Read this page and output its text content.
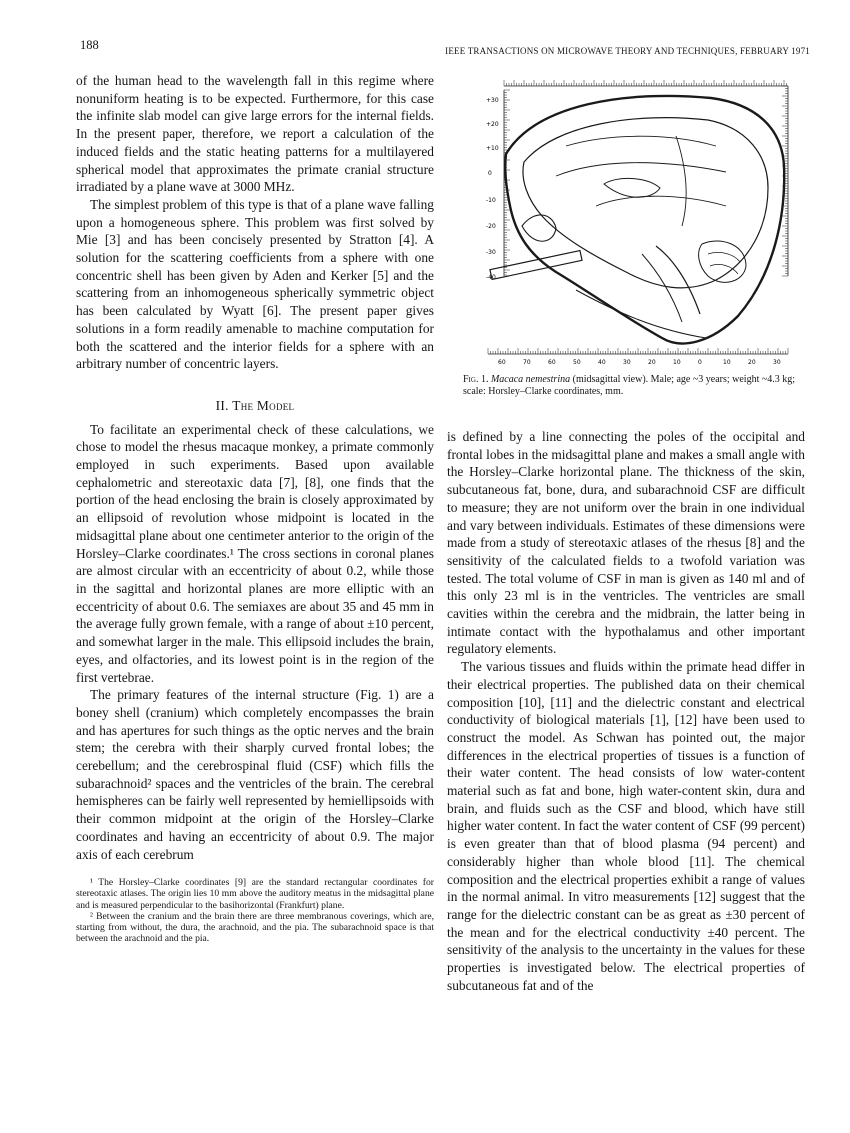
188	IEEE TRANSACTIONS ON MICROWAVE THEORY AND TECHNIQUES, FEBRUARY 1971

of the human head to the wavelength fall in this regime where nonuniform heating is to be expected. Furthermore, for this case the infinite slab model can give large errors for the internal fields. In the present paper, therefore, we report a calculation of the induced fields and the static heating patterns for a multilayered spherical model that approximates the primate cranial structure irradiated by a plane wave at 3000 MHz.

The simplest problem of this type is that of a plane wave falling upon a homogeneous sphere. This problem was first solved by Mie [3] and has been concisely presented by Stratton [4]. A solution for the scattering coefficients from a sphere with one concentric shell has been given by Aden and Kerker [5] and the scattering from an inhomogeneous spherically symmetric object has been calculated by Wyatt [6]. The present paper gives solutions in a form readily amenable to machine computation for both the scattered and the interior fields for a sphere with an arbitrary number of concentric layers.

II. The Model

To facilitate an experimental check of these calculations, we chose to model the rhesus macaque monkey, a primate commonly employed in such experiments. Based upon available cephalometric and stereotaxic data [7], [8], one finds that the portion of the head enclosing the brain is closely approximated by an ellipsoid of revolution whose midpoint is located in the midsagittal plane about one centimeter anterior to the origin of the Horsley–Clarke coordinates.¹ The cross sections in coronal planes are almost circular with an eccentricity of about 0.2, while those in the sagittal and horizontal planes are more elliptic with an eccentricity of about 0.6. The semiaxes are about 35 and 45 mm in the average fully grown female, with a range of about ±10 percent, and somewhat larger in the male. This ellipsoid includes the brain, eyes, and olfactories, and its lowest point is in the region of the first vertebrae.

The primary features of the internal structure (Fig. 1) are a boney shell (cranium) which completely encompasses the brain and has apertures for such things as the optic nerves and the brain stem; the cerebra with their sharply curved frontal lobes; the cerebellum; and the cerebrospinal fluid (CSF) which fills the subarachnoid² spaces and the ventricles of the brain. The cerebral hemispheres can be fairly well represented by hemiellipsoids with their common midpoint at the origin of the Horsley–Clarke coordinates and having an eccentricity of about 0.9. The major axis of each cerebrum

¹ The Horsley–Clarke coordinates [9] are the standard rectangular coordinates for stereotaxic atlases. The origin lies 10 mm above the auditory meatus in the midsagittal plane and is measured perpendicular to the basihorizontal (Frankfurt) plane.

² Between the cranium and the brain there are three membranous coverings, which are, starting from without, the dura, the arachnoid, and the pia. The subarachnoid space is that between the arachnoid and the pia.

+30
+20
+10
0
-10
-20
-30
-40
60	70	60	50	40	30	20	10	0	10	20	30
Fig. 1. Macaca nemestrina (midsagittal view). Male; age ~3 years; weight ~4.3 kg; scale: Horsley–Clarke coordinates, mm.

is defined by a line connecting the poles of the occipital and frontal lobes in the midsagittal plane and makes a small angle with the Horsley–Clarke horizontal plane. The thickness of the skin, subcutaneous fat, bone, dura, and subarachnoid CSF are difficult to measure; they are not uniform over the brain in one individual and vary between individuals. Estimates of these dimensions were made from a study of stereotaxic atlases of the rhesus [8] and the sensitivity of the calculated fields to a twofold variation was tested. The total volume of CSF in man is given as 140 ml and of this only 23 ml is in the ventricles. The ventricles are small cavities within the cerebra and the midbrain, the latter being in intimate contact with the hypothalamus and other important regulatory elements.

The various tissues and fluids within the primate head differ in their electrical properties. The published data on their chemical composition [10], [11] and the dielectric constant and electrical conductivity of biological materials [1], [12] have been used to construct the model. As Schwan has pointed out, the major differences in the electrical properties of tissues is a function of their water content. The head consists of low water-content material such as fat and bone, high water-content skin, dura and brain, and fluids such as the CSF and blood, which have still higher water content. In fact the water content of CSF (99 percent) is even greater than that of blood plasma (94 percent) and considerably higher than whole blood [11]. The chemical composition and the electrical properties exhibit a range of values in the normal animal. In vitro measurements [12] suggest that the range for the dielectric constant can be as great as ±30 percent of the mean and for the electrical conductivity ±40 percent. The sensitivity of the analysis to the uncertainty in the values for these properties is investigated below. The electrical properties of subcutaneous fat and of the
